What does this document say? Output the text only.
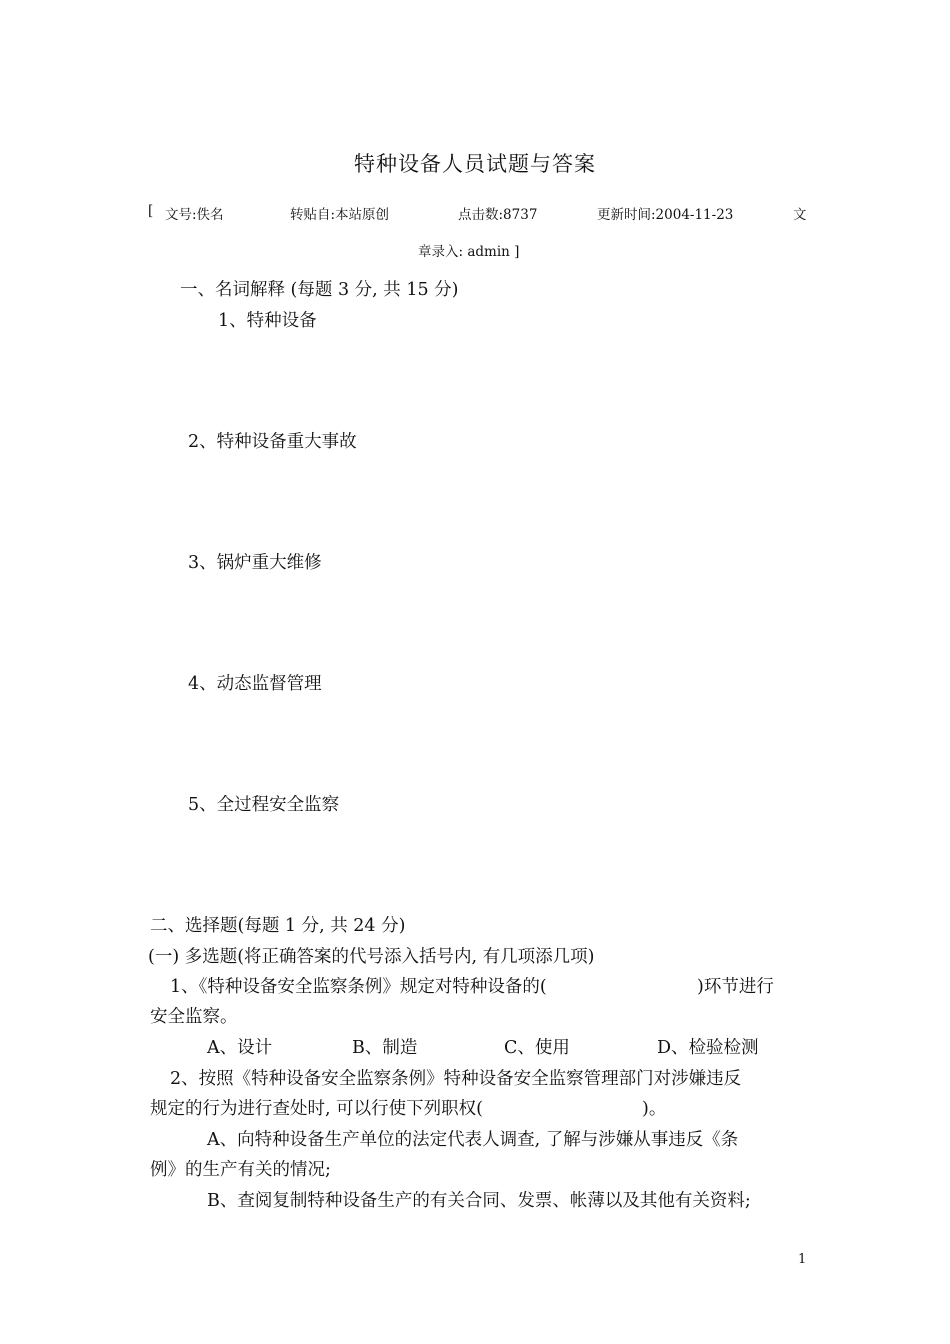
特种设备人员试题与答案
[ 文号:佚名	转贴自:本站原创	点击数:8737	更新时间:2004-11-23	文
章录入: admin ]
一、名词解释 (每题 3 分, 共 15 分)
1、特种设备
2、特种设备重大事故
3、锅炉重大维修
4、动态监督管理
5、全过程安全监察
二、选择题(每题 1 分, 共 24 分)
(一) 多选题(将正确答案的代号添入括号内, 有几项添几项)
1、《特种设备安全监察条例》规定对特种设备的(	)环节进行
安全监察。
A、设计	B、制造	C、使用	D、检验检测
2、按照《特种设备安全监察条例》特种设备安全监察管理部门对涉嫌违反
规定的行为进行查处时, 可以行使下列职权(	)。
A、向特种设备生产单位的法定代表人调查, 了解与涉嫌从事违反《条
例》的生产有关的情况;
B、查阅复制特种设备生产的有关合同、发票、帐薄以及其他有关资料;
1
